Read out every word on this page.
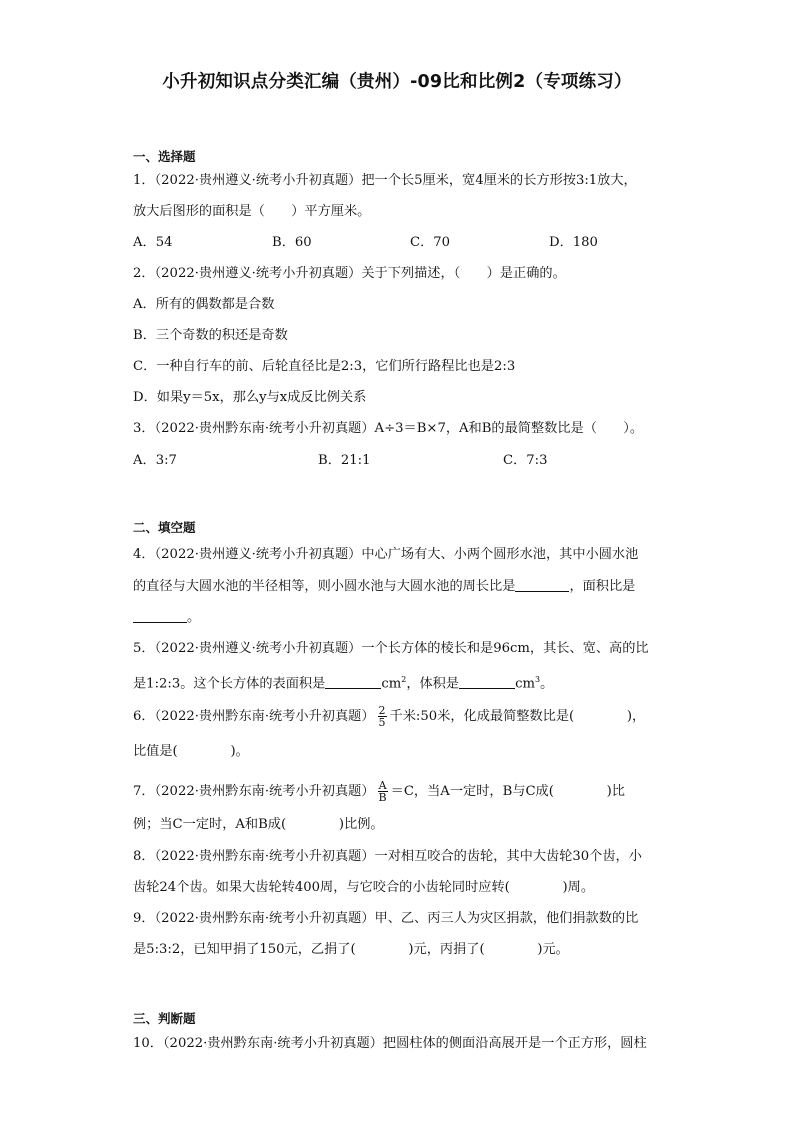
小升初知识点分类汇编（贵州）-09比和比例2（专项练习）
一、选择题
1．（2022·贵州遵义·统考小升初真题）把一个长5厘米，宽4厘米的长方形按3:1放大，
放大后图形的面积是（　　）平方厘米。
A．54	B．60	C．70	D．180
2．（2022·贵州遵义·统考小升初真题）关于下列描述，（　　）是正确的。
A．所有的偶数都是合数
B．三个奇数的积还是奇数
C．一种自行车的前、后轮直径比是2:3，它们所行路程比也是2:3
D．如果y＝5x，那么y与x成反比例关系
3．（2022·贵州黔东南·统考小升初真题）A÷3＝B×7，A和B的最简整数比是（　　）。
A．3:7	B．21:1	C．7:3
二、填空题
4．（2022·贵州遵义·统考小升初真题）中心广场有大、小两个圆形水池，其中小圆水池
的直径与大圆水池的半径相等，则小圆水池与大圆水池的周长比是	，面积比是
。
5．（2022·贵州遵义·统考小升初真题）一个长方体的棱长和是96cm，其长、宽、高的比
是1:2:3。这个长方体的表面积是	$cm^2$，体积是	$cm^3$。
6．（2022·贵州黔东南·统考小升初真题） $\frac{2}{5}$ 千米:50米，化成最简整数比是(　　　　)，
比值是(　　　　)。
7．（2022·贵州黔东南·统考小升初真题） $\frac{A}{B} =C$，当A一定时，B与C成(　　　　)比
例；当C一定时，A和B成(　　　　)比例。
8．（2022·贵州黔东南·统考小升初真题）一对相互咬合的齿轮，其中大齿轮30个齿，小
齿轮24个齿。如果大齿轮转400周，与它咬合的小齿轮同时应转(　　　　)周。
9．（2022·贵州黔东南·统考小升初真题）甲、乙、丙三人为灾区捐款，他们捐款数的比
是5:3:2，已知甲捐了150元，乙捐了(　　　　)元，丙捐了(　　　　)元。
三、判断题
10．（2022·贵州黔东南·统考小升初真题）把圆柱体的侧面沿高展开是一个正方形，圆柱
